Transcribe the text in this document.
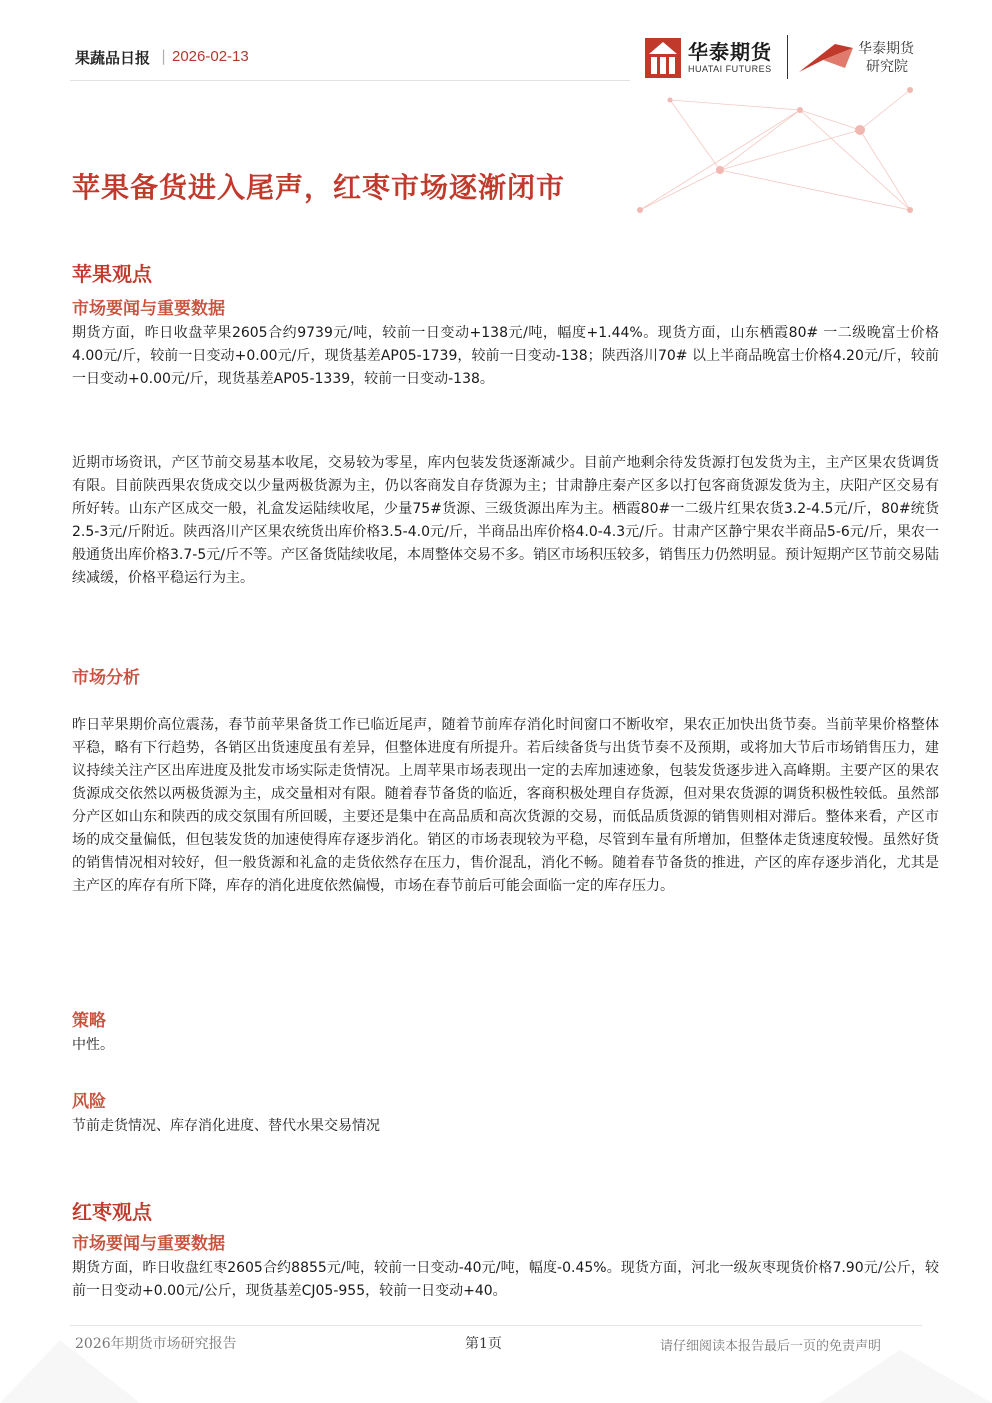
果蔬品日报 | 2026-02-13	华泰期货
HUATAI FUTURES
华泰期货
研究院
苹果备货进入尾声，红枣市场逐渐闭市
苹果观点
市场要闻与重要数据

期货方面，昨日收盘苹果2605合约9739元/吨，较前一日变动+138元/吨，幅度+1.44%。现货方面，山东栖霞80# 一二级晚富士价格4.00元/斤，较前一日变动+0.00元/斤，现货基差AP05-1739，较前一日变动-138；陕西洛川70# 以上半商品晚富士价格4.20元/斤，较前一日变动+0.00元/斤，现货基差AP05-1339，较前一日变动-138。

近期市场资讯，产区节前交易基本收尾，交易较为零星，库内包装发货逐渐减少。目前产地剩余待发货源打包发货为主，主产区果农货调货有限。目前陕西果农货成交以少量两极货源为主，仍以客商发自存货源为主；甘肃静庄秦产区多以打包客商货源发货为主，庆阳产区交易有所好转。山东产区成交一般，礼盒发运陆续收尾，少量75#货源、三级货源出库为主。栖霞80#一二级片红果农货3.2-4.5元/斤，80#统货2.5-3元/斤附近。陕西洛川产区果农统货出库价格3.5-4.0元/斤，半商品出库价格4.0-4.3元/斤。甘肃产区静宁果农半商品5-6元/斤，果农一般通货出库价格3.7-5元/斤不等。产区备货陆续收尾，本周整体交易不多。销区市场积压较多，销售压力仍然明显。预计短期产区节前交易陆续减缓，价格平稳运行为主。

市场分析

昨日苹果期价高位震荡，春节前苹果备货工作已临近尾声，随着节前库存消化时间窗口不断收窄，果农正加快出货节奏。当前苹果价格整体平稳，略有下行趋势，各销区出货速度虽有差异，但整体进度有所提升。若后续备货与出货节奏不及预期，或将加大节后市场销售压力，建议持续关注产区出库进度及批发市场实际走货情况。上周苹果市场表现出一定的去库加速迹象，包装发货逐步进入高峰期。主要产区的果农货源成交依然以两极货源为主，成交量相对有限。随着春节备货的临近，客商积极处理自存货源，但对果农货源的调货积极性较低。虽然部分产区如山东和陕西的成交氛围有所回暖，主要还是集中在高品质和高次货源的交易，而低品质货源的销售则相对滞后。整体来看，产区市场的成交量偏低，但包装发货的加速使得库存逐步消化。销区的市场表现较为平稳，尽管到车量有所增加，但整体走货速度较慢。虽然好货的销售情况相对较好，但一般货源和礼盒的走货依然存在压力，售价混乱，消化不畅。随着春节备货的推进，产区的库存逐步消化，尤其是主产区的库存有所下降，库存的消化进度依然偏慢，市场在春节前后可能会面临一定的库存压力。

策略

中性。

风险

节前走货情况、库存消化进度、替代水果交易情况

红枣观点
市场要闻与重要数据

期货方面，昨日收盘红枣2605合约8855元/吨，较前一日变动-40元/吨，幅度-0.45%。现货方面，河北一级灰枣现货价格7.90元/公斤，较前一日变动+0.00元/公斤，现货基差CJ05-955，较前一日变动+40。

2026年期货市场研究报告	第1页	请仔细阅读本报告最后一页的免责声明
